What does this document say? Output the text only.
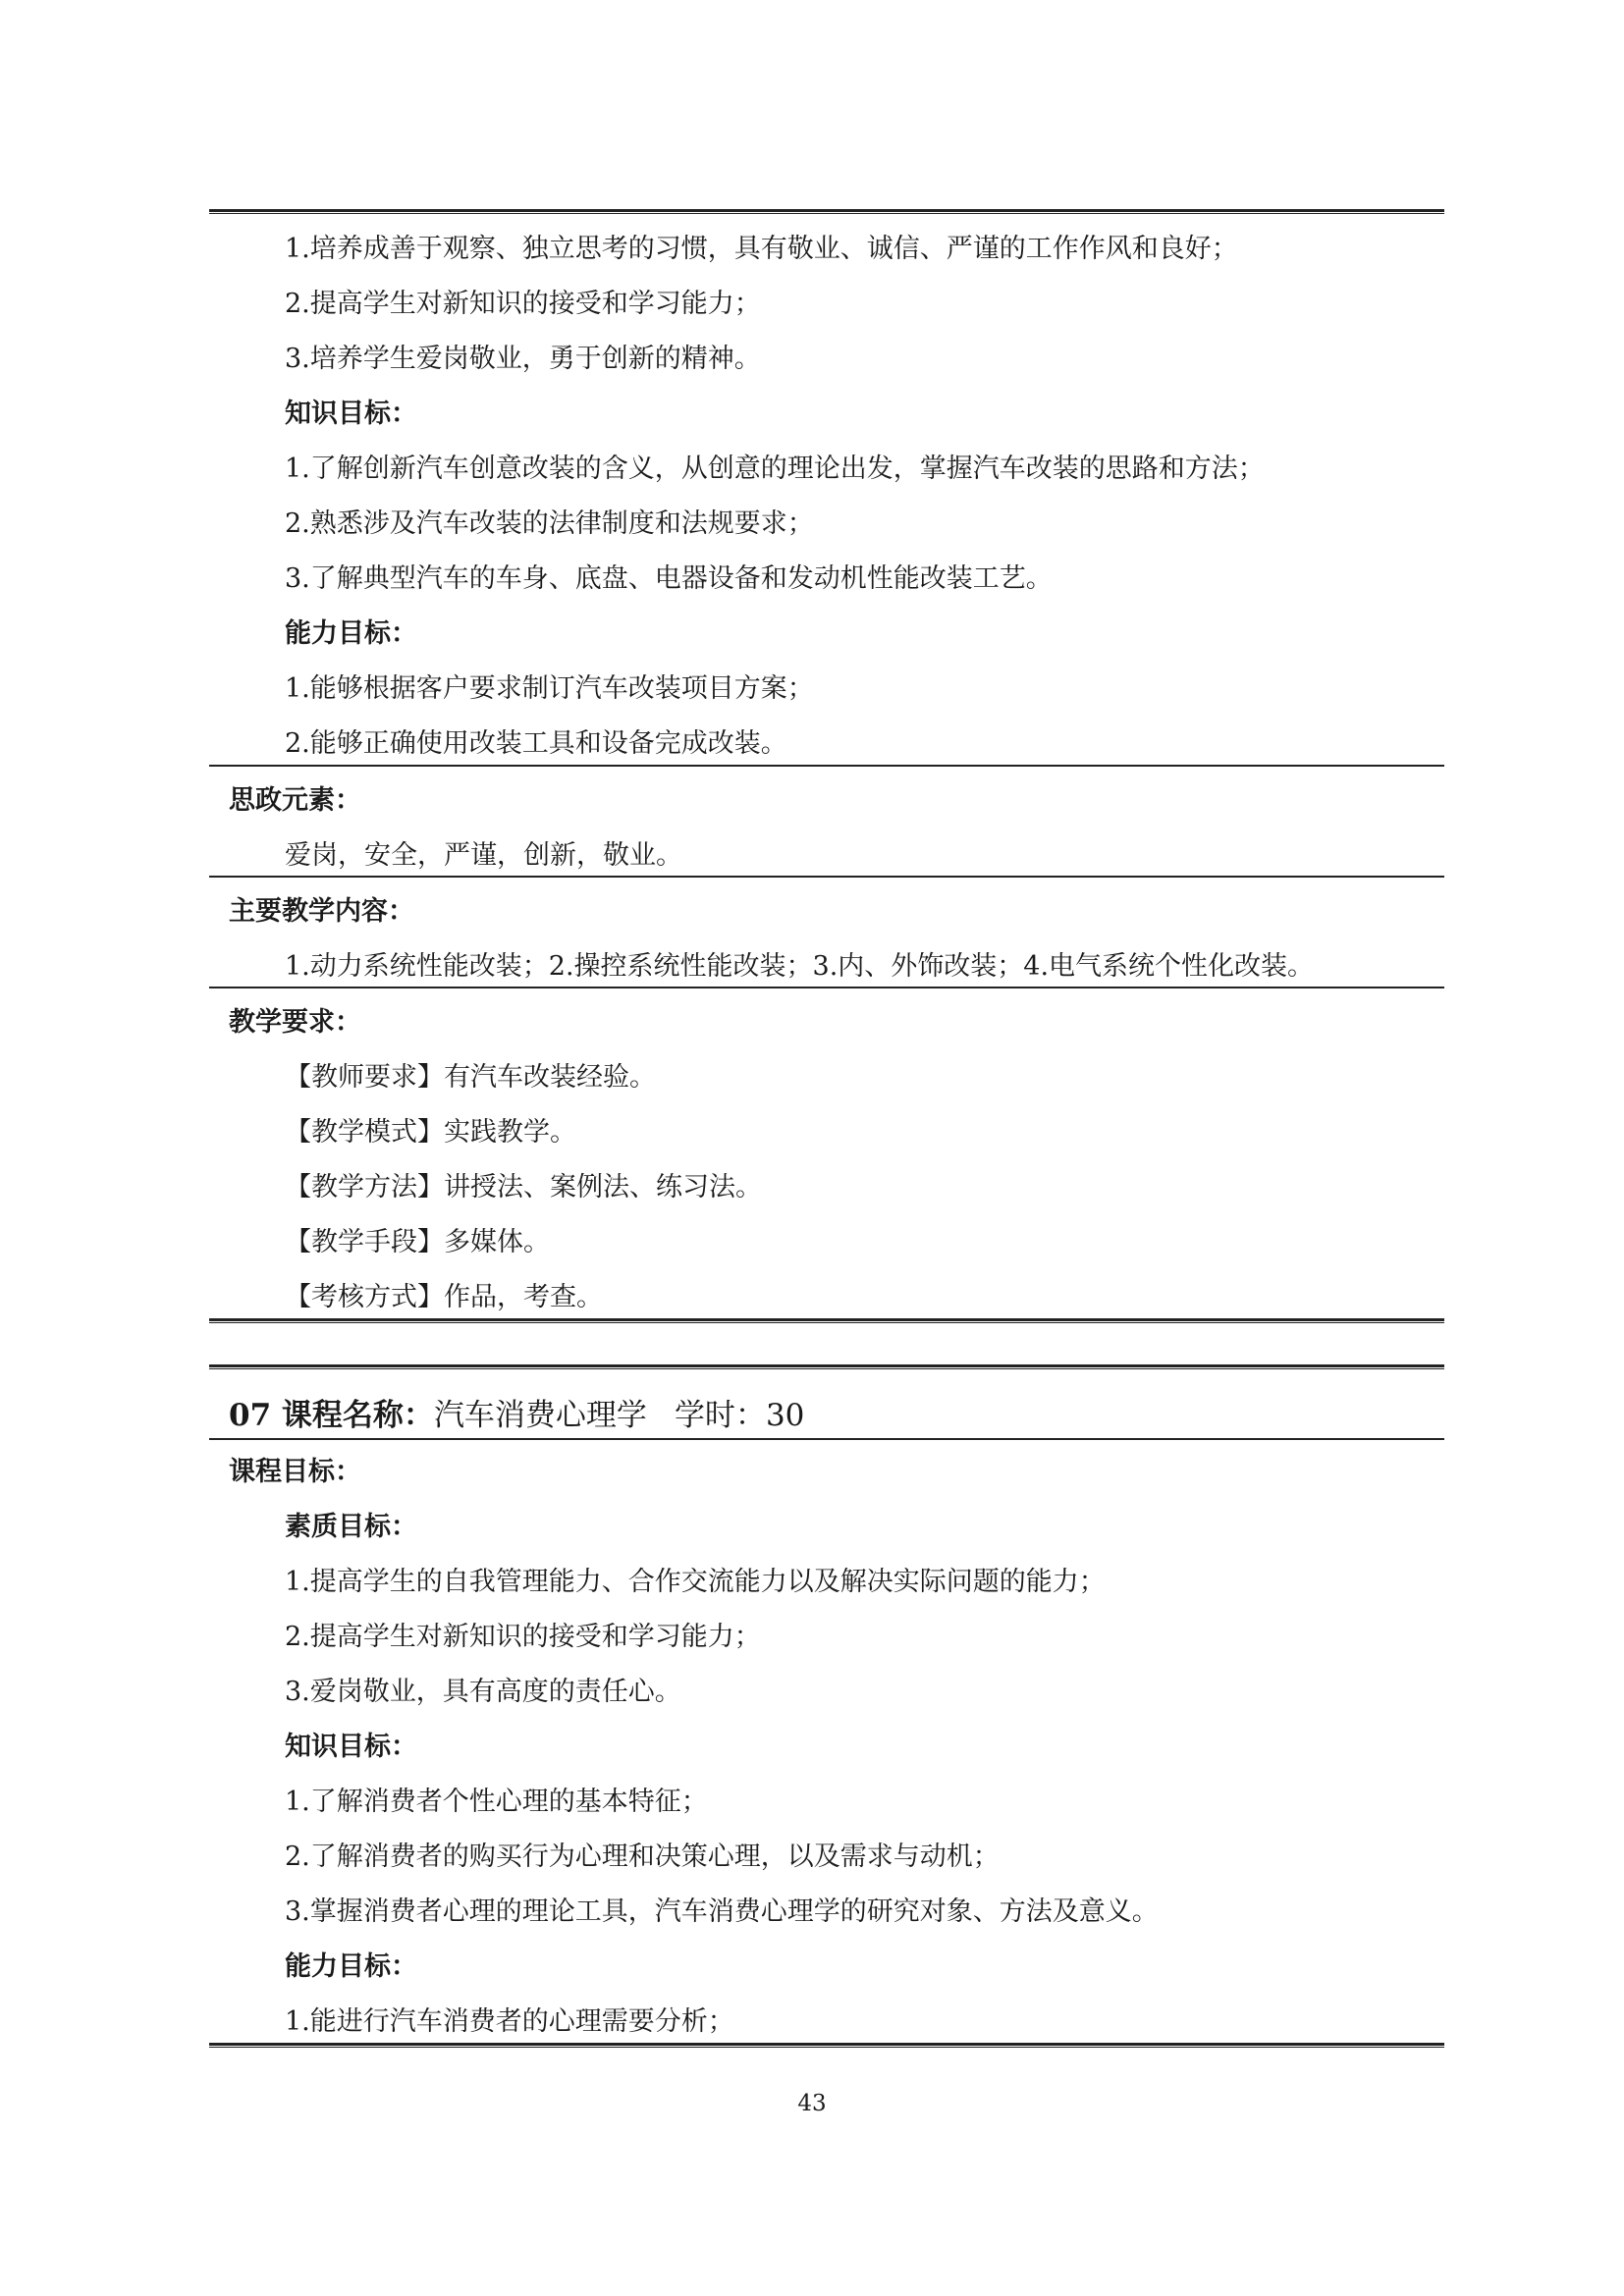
1.培养成善于观察、独立思考的习惯，具有敬业、诚信、严谨的工作作风和良好；
2.提高学生对新知识的接受和学习能力；
3.培养学生爱岗敬业，勇于创新的精神。
知识目标：
1.了解创新汽车创意改装的含义，从创意的理论出发，掌握汽车改装的思路和方法；
2.熟悉涉及汽车改装的法律制度和法规要求；
3.了解典型汽车的车身、底盘、电器设备和发动机性能改装工艺。
能力目标：
1.能够根据客户要求制订汽车改装项目方案；
2.能够正确使用改装工具和设备完成改装。
思政元素：
爱岗，安全，严谨，创新，敬业。
主要教学内容：
1.动力系统性能改装；2.操控系统性能改装；3.内、外饰改装；4.电气系统个性化改装。
教学要求：
【教师要求】有汽车改装经验。
【教学模式】实践教学。
【教学方法】讲授法、案例法、练习法。
【教学手段】多媒体。
【考核方式】作品，考查。
07 课程名称：汽车消费心理学 学时：30
课程目标：
素质目标：
1.提高学生的自我管理能力、合作交流能力以及解决实际问题的能力；
2.提高学生对新知识的接受和学习能力；
3.爱岗敬业，具有高度的责任心。
知识目标：
1.了解消费者个性心理的基本特征；
2.了解消费者的购买行为心理和决策心理，以及需求与动机；
3.掌握消费者心理的理论工具，汽车消费心理学的研究对象、方法及意义。
能力目标：
1.能进行汽车消费者的心理需要分析；
43
